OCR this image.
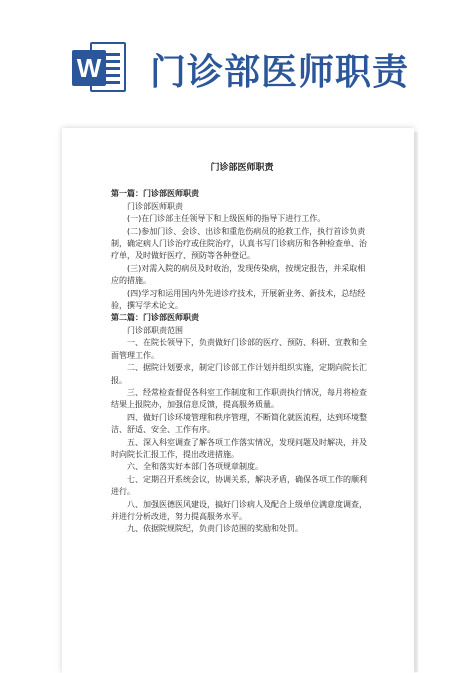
W 门诊部医师职责
门诊部医师职责
第一篇：门诊部医师职责
门诊部医师职责
(一)在门诊部主任领导下和上级医师的指导下进行工作。
(二)参加门诊、会诊、出诊和重危伤病员的抢救工作，执行首诊负责制，确定病人门诊治疗或住院治疗，认真书写门诊病历和各种检查单、治疗单，及时做好医疗、预防等各种登记。
(三)对需入院的病员及时收治，发现传染病，按规定报告，并采取相应的措施。
(四)学习和运用国内外先进诊疗技术，开展新业务、新技术，总结经验，撰写学术论文。
第二篇：门诊部医师职责
门诊部职责范围
一、在院长领导下，负责做好门诊部的医疗、预防、科研、宣教和全面管理工作。
二、据院计划要求，制定门诊部工作计划并组织实施，定期向院长汇报。
三、经常检查督促各科室工作制度和工作职责执行情况，每月将检查结果上报院办，加强信息反馈，提高服务质量。
四、做好门诊环境管理和秩序管理，不断简化就医流程，达到环境整洁、舒适、安全、工作有序。
五、深入科室调查了解各项工作落实情况，发现问题及时解决，并及时向院长汇报工作，提出改进措施。
六、全和落实好本部门各项规章制度。
七、定期召开系统会议，协调关系，解决矛盾，确保各项工作的顺利进行。
八、加强医德医风建设，搞好门诊病人及配合上级单位满意度调查，并进行分析改进，努力提高服务水平。
九、依据院规院纪，负责门诊范围的奖励和处罚。
